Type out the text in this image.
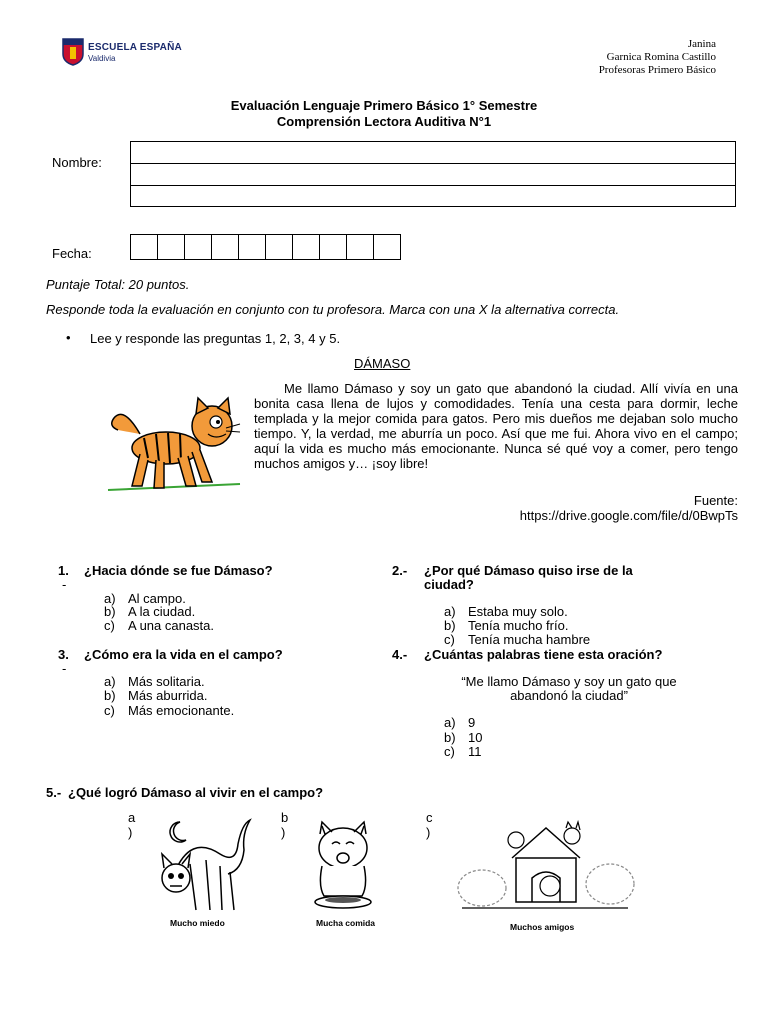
ESCUELA ESPAÑA
Valdivia
Janina
Garnica Romina Castillo
Profesoras Primero Básico
Evaluación Lenguaje Primero Básico 1° Semestre
Comprensión Lectora Auditiva N°1
Nombre:
Fecha:
Puntaje Total: 20 puntos.
Responde toda la evaluación en conjunto con tu profesora. Marca con una X la alternativa correcta.
• Lee y responde las preguntas 1, 2, 3, 4 y 5.
DÁMASO
Me llamo Dámaso y soy un gato que abandonó la ciudad. Allí vivía en una bonita casa llena de lujos y comodidades. Tenía una cesta para dormir, leche templada y la mejor comida para gatos. Pero mis dueños me dejaban solo mucho tiempo. Y, la verdad, me aburría un poco. Así que me fui. Ahora vivo en el campo; aquí la vida es mucho más emocionante. Nunca sé qué voy a comer, pero tengo muchos amigos y… ¡soy libre!
Fuente:
https://drive.google.com/file/d/0BwpTs
1. ¿Hacia dónde se fue Dámaso?
-
a) Al campo.
b) A la ciudad.
c) A una canasta.
2.- ¿Por qué Dámaso quiso irse de la
ciudad?
a) Estaba muy solo.
b) Tenía mucho frío.
c) Tenía mucha hambre
3. ¿Cómo era la vida en el campo?
-
a) Más solitaria.
b) Más aburrida.
c) Más emocionante.
4.- ¿Cuántas palabras tiene esta oración?
“Me llamo Dámaso y soy un gato que
abandonó la ciudad”
a) 9
b) 10
c) 11
5.- ¿Qué logró Dámaso al vivir en el campo?
a
)
Mucho miedo
b
)
Mucha comida
c
)
Muchos amigos
